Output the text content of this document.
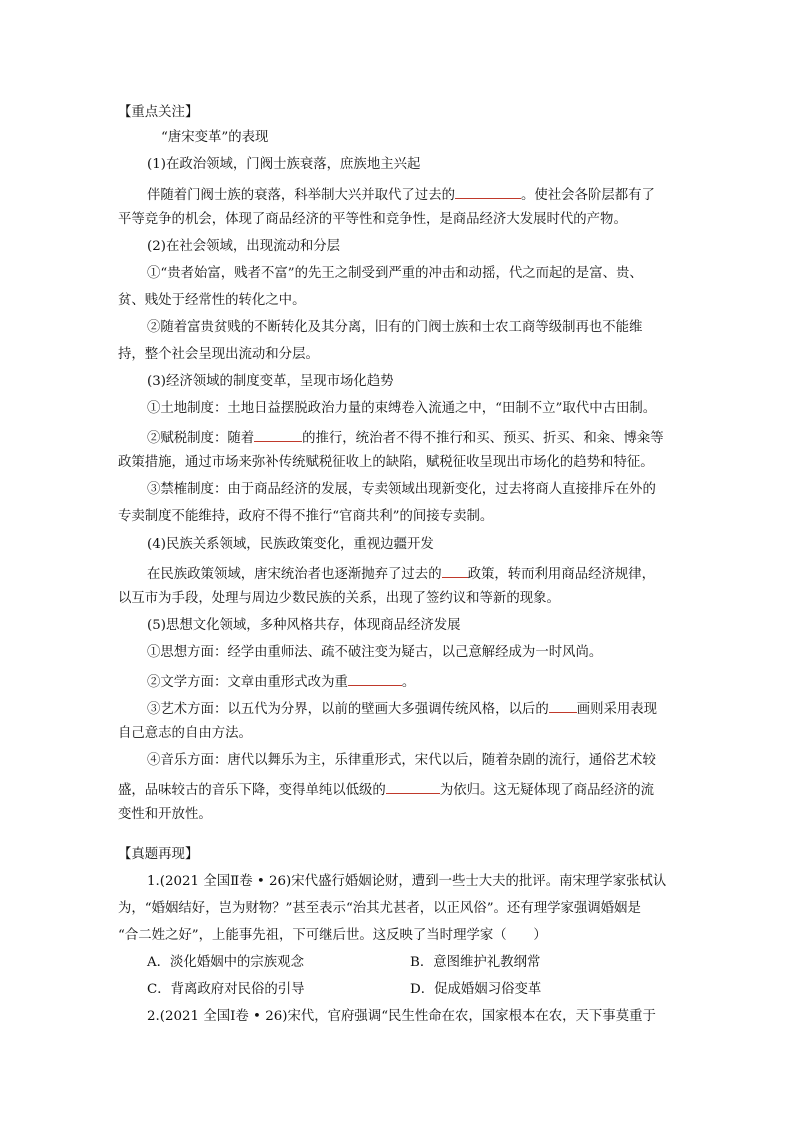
【重点关注】
“唐宋变革”的表现
(1)在政治领域，门阀士族衰落，庶族地主兴起
伴随着门阀士族的衰落，科举制大兴并取代了过去的	。使社会各阶层都有了
平等竞争的机会，体现了商品经济的平等性和竞争性，是商品经济大发展时代的产物。
(2)在社会领域，出现流动和分层
①“贵者始富，贱者不富”的先王之制受到严重的冲击和动摇，代之而起的是富、贵、
贫、贱处于经常性的转化之中。
②随着富贵贫贱的不断转化及其分离，旧有的门阀士族和士农工商等级制再也不能维
持，整个社会呈现出流动和分层。
(3)经济领域的制度变革，呈现市场化趋势
①土地制度：土地日益摆脱政治力量的束缚卷入流通之中，“田制不立”取代中古田制。
②赋税制度：随着	的推行，统治者不得不推行和买、预买、折买、和籴、博籴等
政策措施，通过市场来弥补传统赋税征收上的缺陷，赋税征收呈现出市场化的趋势和特征。
③禁榷制度：由于商品经济的发展，专卖领域出现新变化，过去将商人直接排斥在外的
专卖制度不能维持，政府不得不推行“官商共利”的间接专卖制。
(4)民族关系领域，民族政策变化，重视边疆开发
在民族政策领域，唐宋统治者也逐渐抛弃了过去的 政策，转而利用商品经济规律，
以互市为手段，处理与周边少数民族的关系，出现了签约议和等新的现象。
(5)思想文化领域，多种风格共存，体现商品经济发展
①思想方面：经学由重师法、疏不破注变为疑古，以己意解经成为一时风尚。
②文学方面：文章由重形式改为重	。
③艺术方面：以五代为分界，以前的壁画大多强调传统风格，以后的 画则采用表现
自己意志的自由方法。
④音乐方面：唐代以舞乐为主，乐律重形式，宋代以后，随着杂剧的流行，通俗艺术较
盛，品味较古的音乐下降，变得单纯以低级的	为依归。这无疑体现了商品经济的流
变性和开放性。
【真题再现】
1.(2021 全国Ⅱ卷 • 26)宋代盛行婚姻论财，遭到一些士大夫的批评。南宋理学家张栻认
为，“婚姻结好，岂为财物？”甚至表示“治其尤甚者，以正风俗”。还有理学家强调婚姻是
“合二姓之好”，上能事先祖，下可继后世。这反映了当时理学家（　　）
A．淡化婚姻中的宗族观念	B．意图维护礼教纲常
C．背离政府对民俗的引导	D．促成婚姻习俗变革
2.(2021 全国Ⅰ卷 • 26)宋代，官府强调“民生性命在农，国家根本在农，天下事莫重于
